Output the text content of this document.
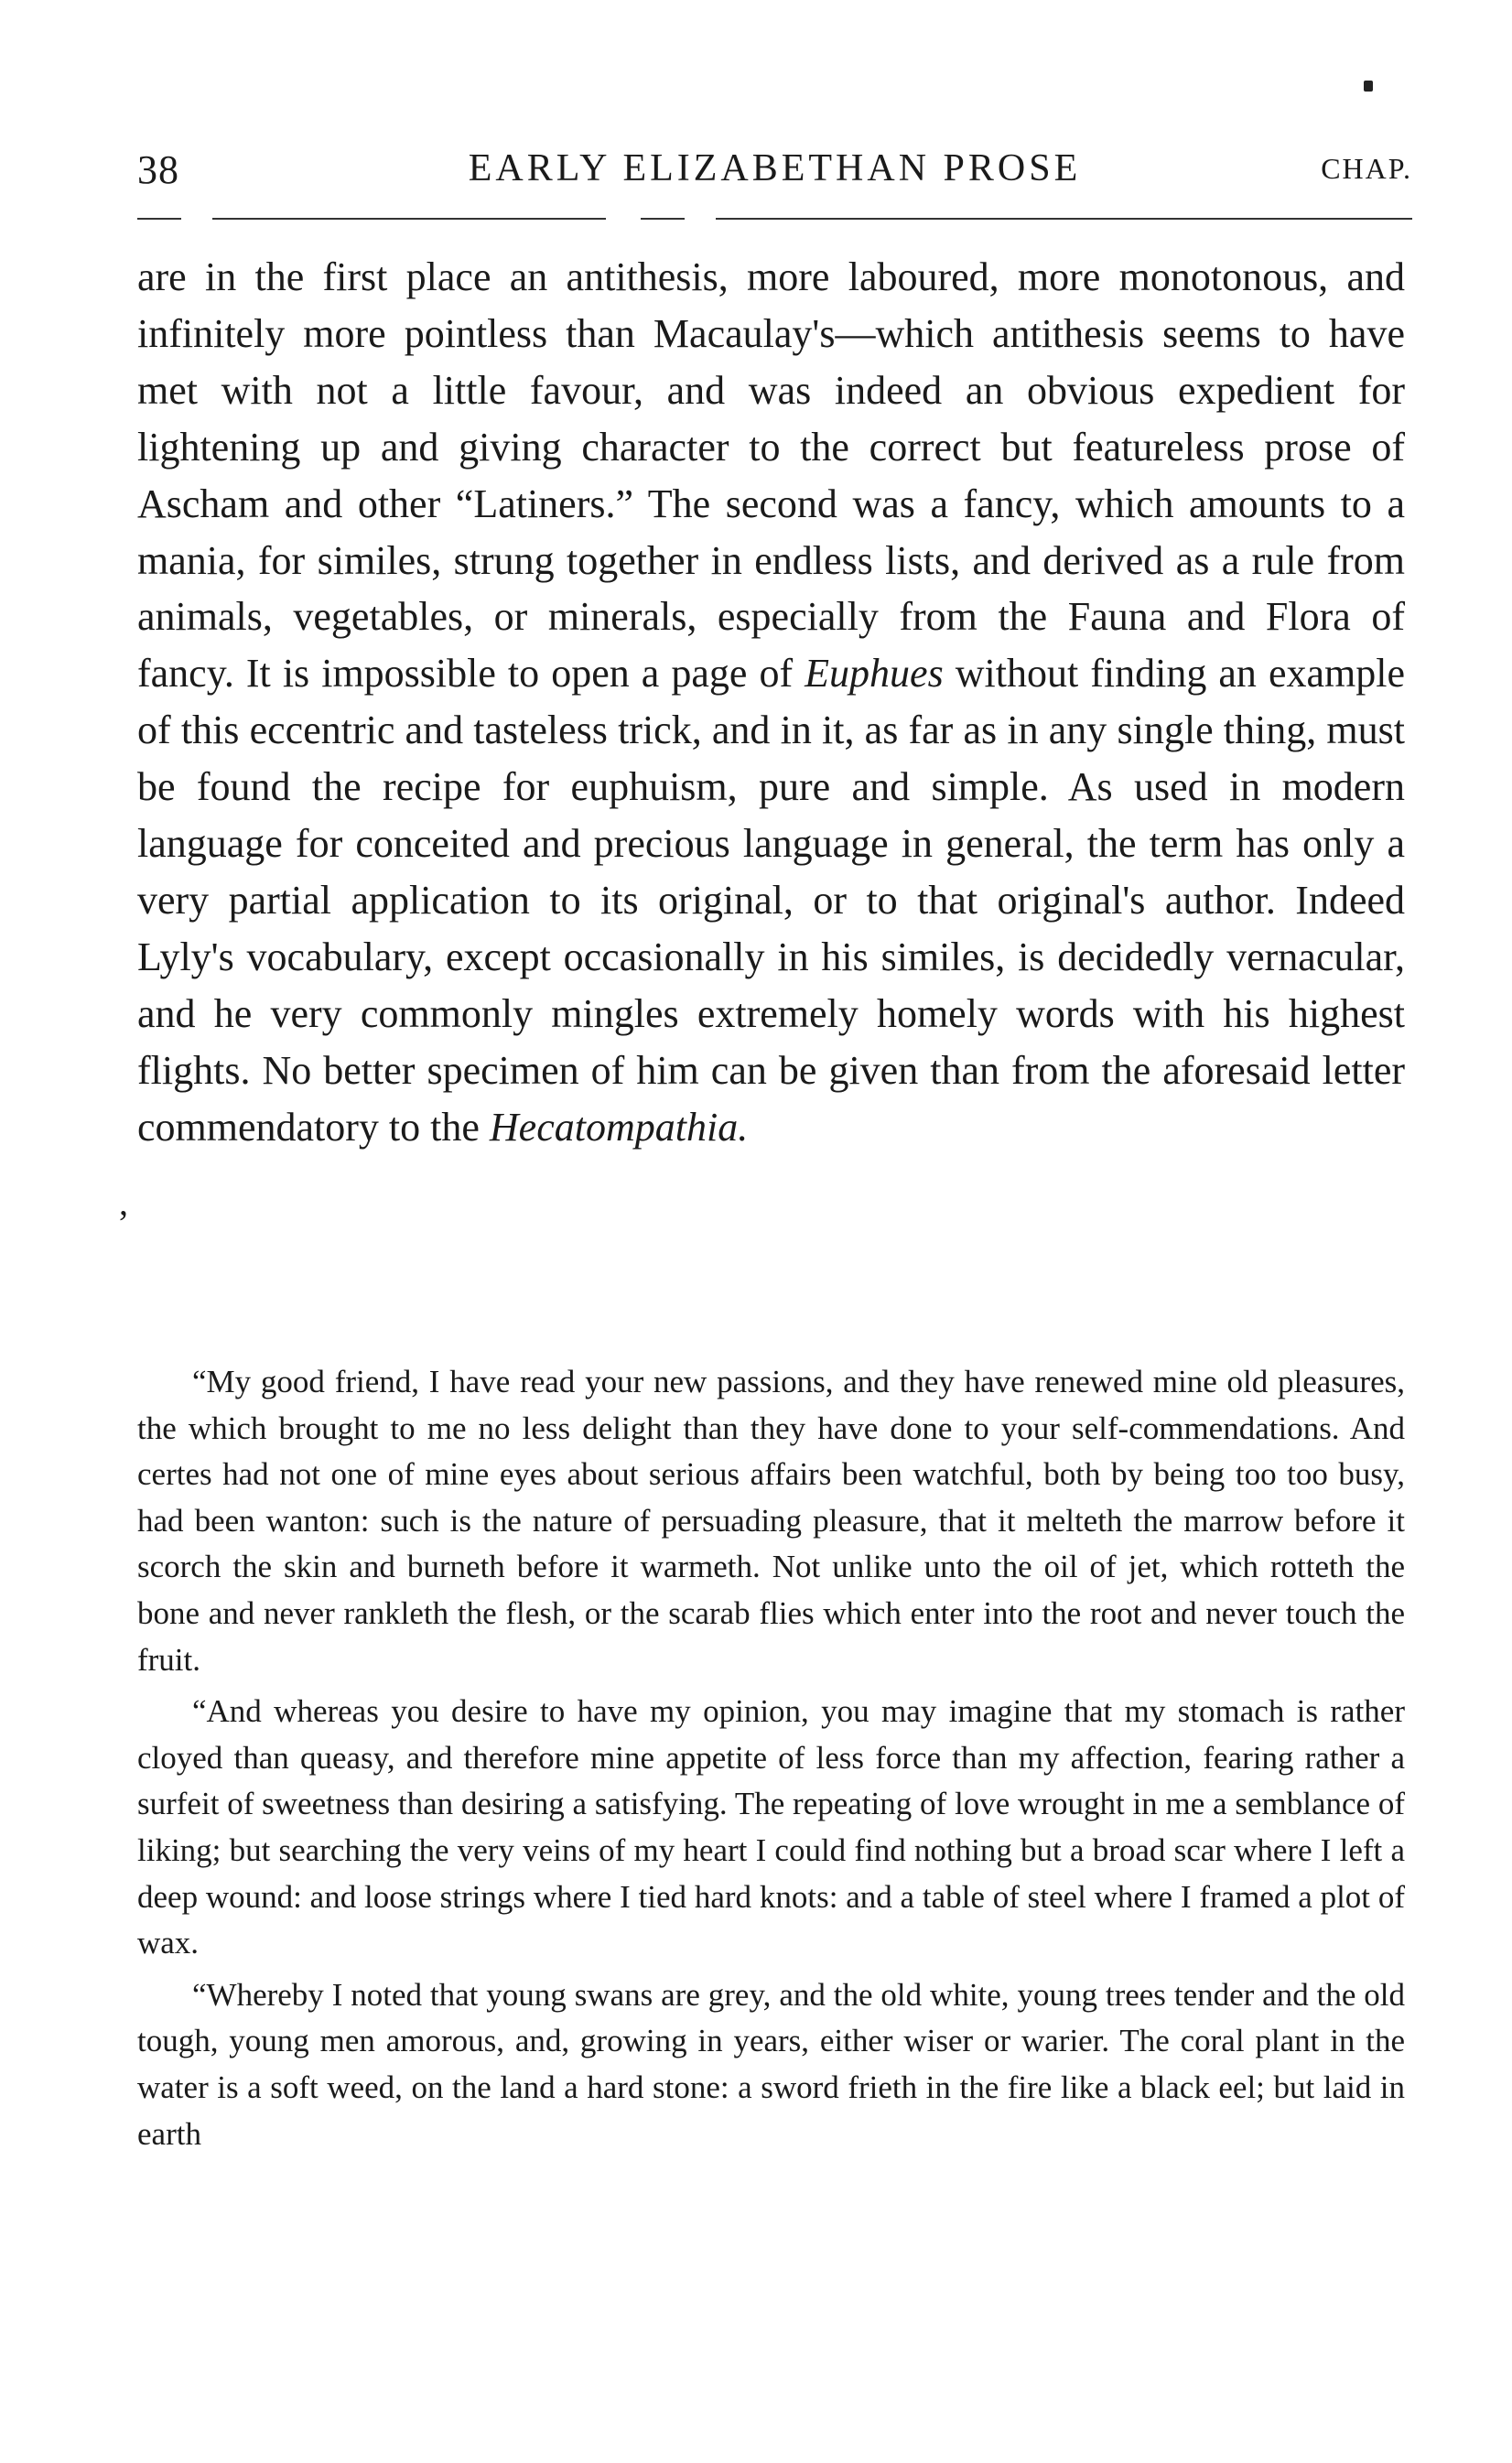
38	EARLY ELIZABETHAN PROSE	CHAP.

are in the first place an antithesis, more laboured, more monotonous, and infinitely more pointless than Macaulay's—which antithesis seems to have met with not a little favour, and was indeed an obvious expedient for lightening up and giving character to the correct but featureless prose of Ascham and other “Latiners.” The second was a fancy, which amounts to a mania, for similes, strung together in endless lists, and derived as a rule from animals, vegetables, or minerals, especially from the Fauna and Flora of fancy. It is impossible to open a page of Euphues without finding an example of this eccentric and tasteless trick, and in it, as far as in any single thing, must be found the recipe for euphuism, pure and simple. As used in modern language for conceited and precious language in general, the term has only a very partial application to its original, or to that original's author. Indeed Lyly's vocabulary, except occasionally in his similes, is decidedly vernacular, and he very commonly mingles extremely homely words with his highest flights. No better specimen of him can be given than from the aforesaid letter commendatory to the Hecatompathia.

,

“My good friend, I have read your new passions, and they have renewed mine old pleasures, the which brought to me no less delight than they have done to your self-commendations. And certes had not one of mine eyes about serious affairs been watchful, both by being too too busy, had been wanton: such is the nature of persuading pleasure, that it melteth the marrow before it scorch the skin and burneth before it warmeth. Not unlike unto the oil of jet, which rotteth the bone and never rankleth the flesh, or the scarab flies which enter into the root and never touch the fruit.

“And whereas you desire to have my opinion, you may imagine that my stomach is rather cloyed than queasy, and therefore mine appetite of less force than my affection, fearing rather a surfeit of sweetness than desiring a satisfying. The repeating of love wrought in me a semblance of liking; but searching the very veins of my heart I could find nothing but a broad scar where I left a deep wound: and loose strings where I tied hard knots: and a table of steel where I framed a plot of wax.

“Whereby I noted that young swans are grey, and the old white, young trees tender and the old tough, young men amorous, and, growing in years, either wiser or warier. The coral plant in the water is a soft weed, on the land a hard stone: a sword frieth in the fire like a black eel; but laid in earth
